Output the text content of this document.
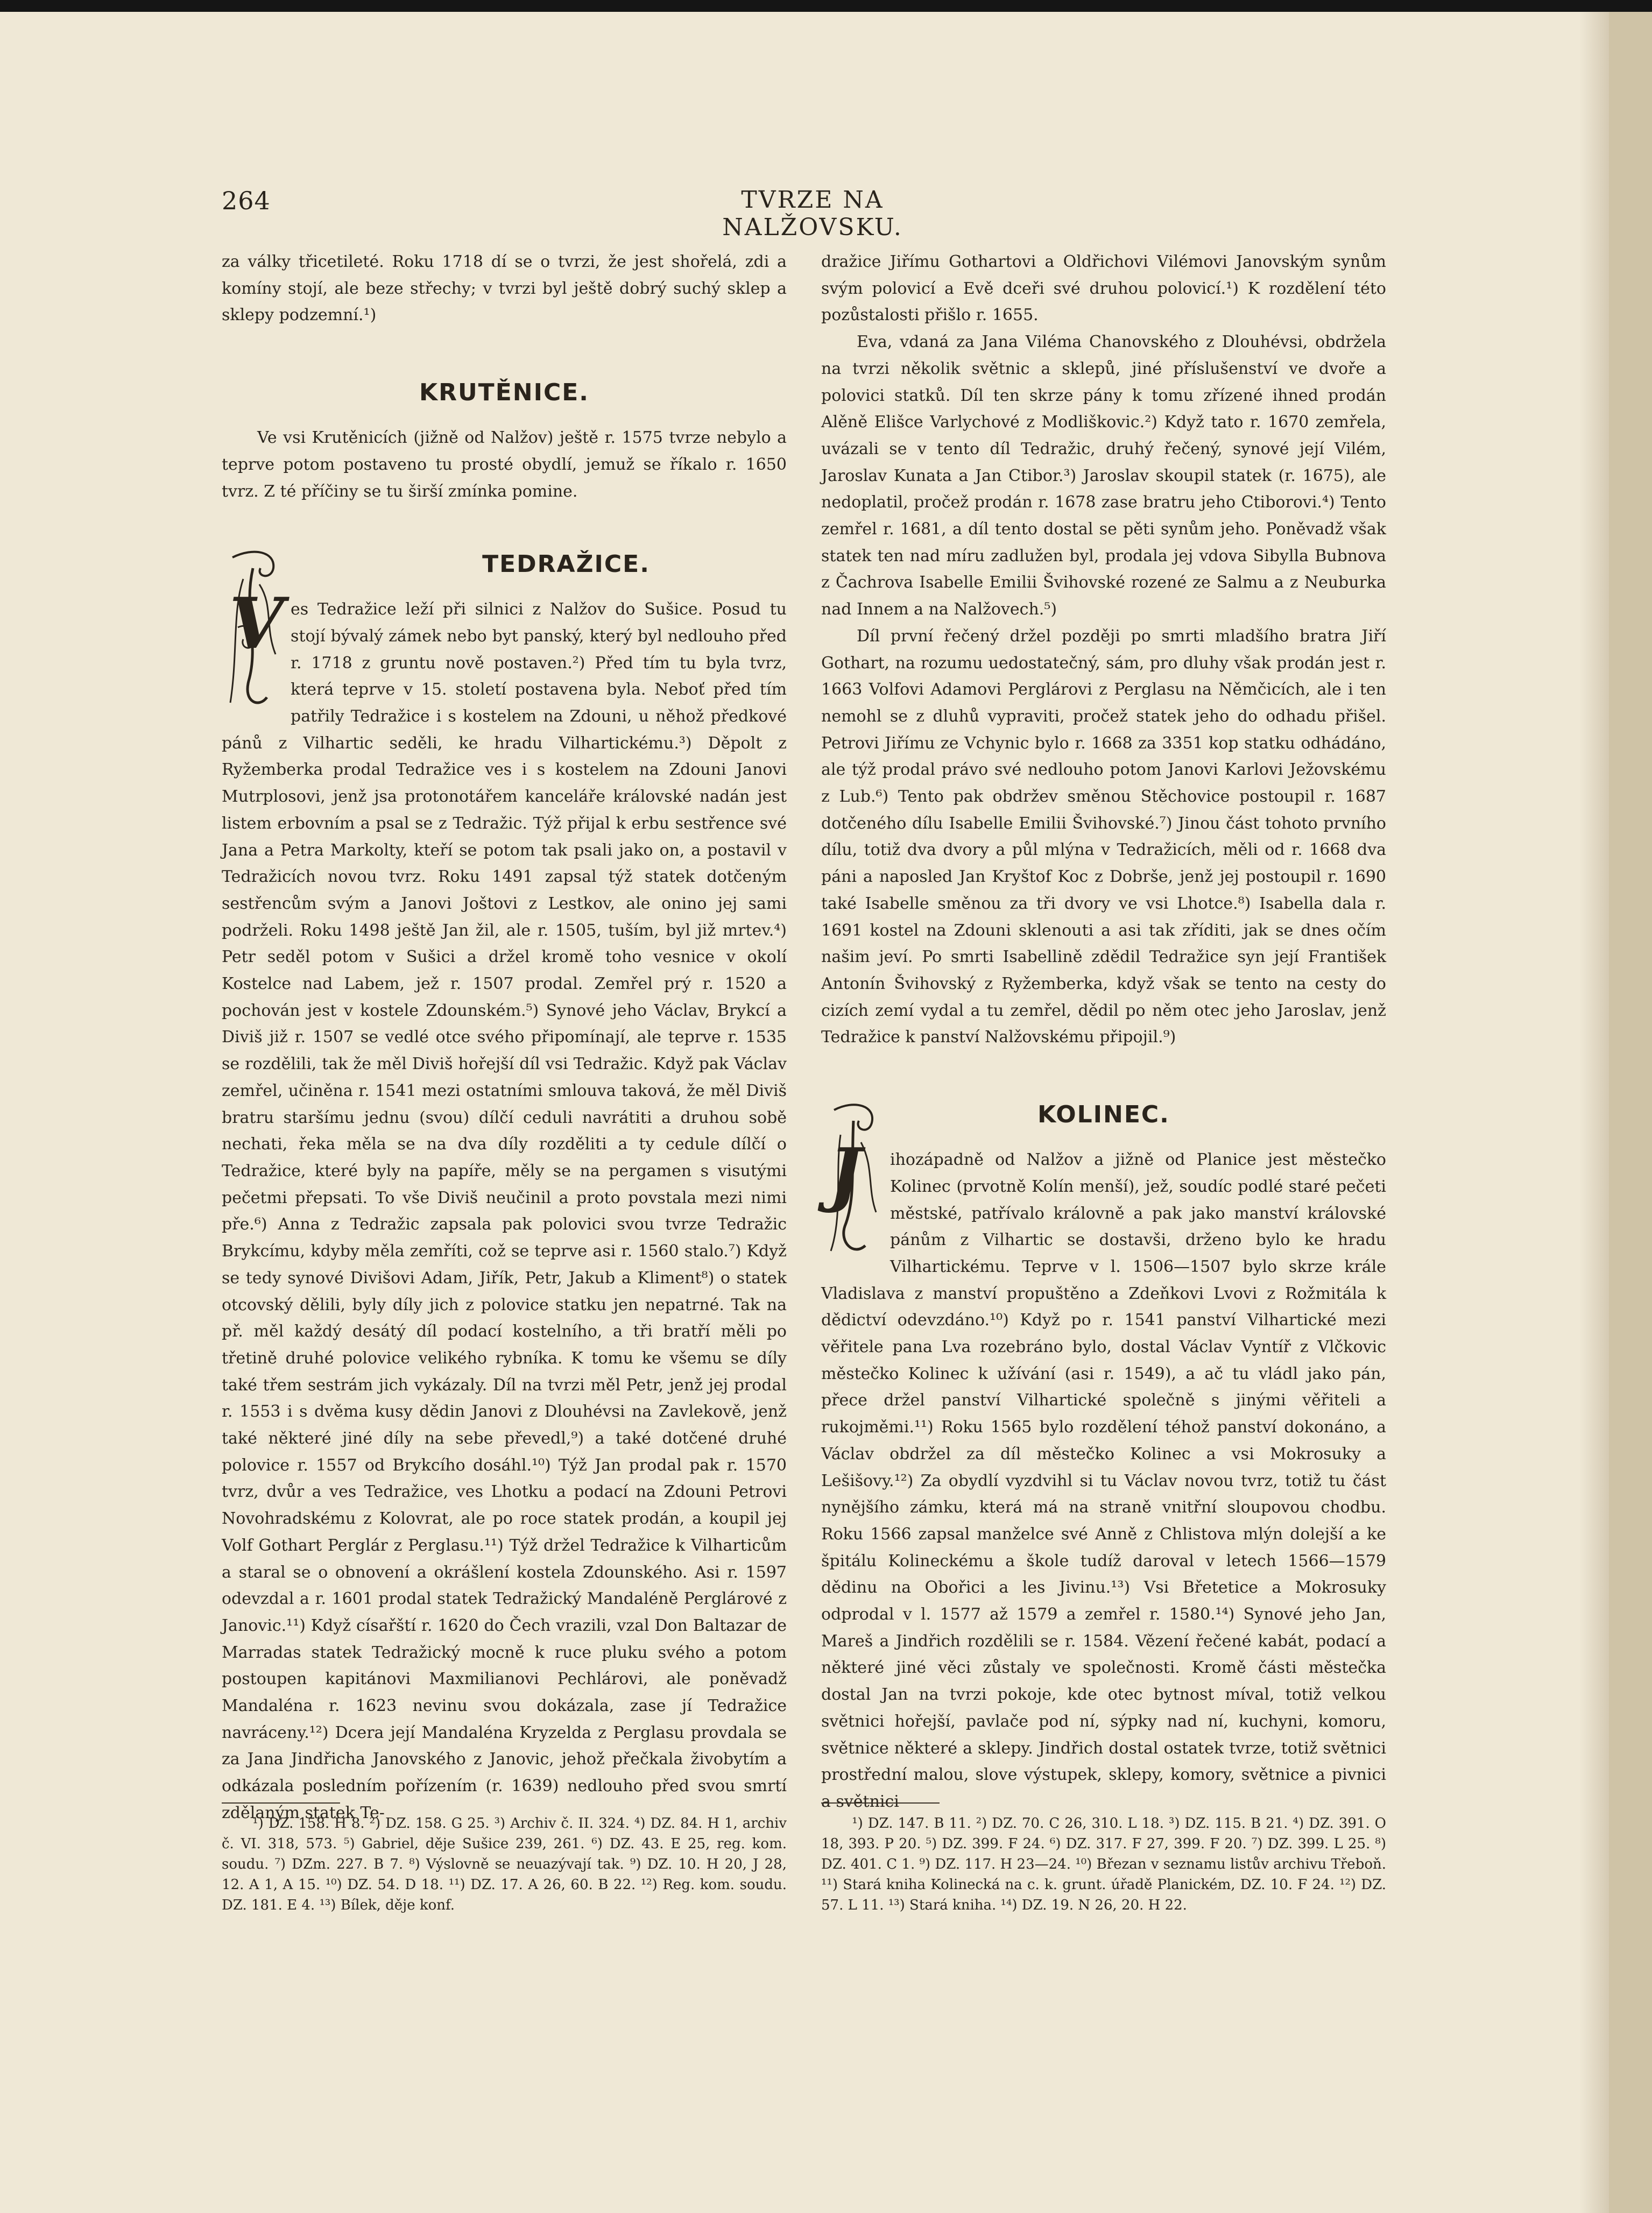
264	TVRZE NA NALŽOVSKU.

za války třicetileté. Roku 1718 dí se o tvrzi, že jest shořelá, zdi a komíny stojí, ale beze střechy; v tvrzi byl ještě dobrý suchý sklep a sklepy podzemní.¹)

KRUTĚNICE.

Ve vsi Krutěnicích (jižně od Nalžov) ještě r. 1575 tvrze nebylo a teprve potom postaveno tu prosté obydlí, jemuž se říkalo r. 1650 tvrz. Z té příčiny se tu širší zmínka pomine.

TEDRAŽICE.
V es Tedražice leží při silnici z Nalžov do Sušice. Posud tu stojí bývalý zámek nebo byt panský, který byl nedlouho před r. 1718 z gruntu nově postaven.²) Před tím tu byla tvrz, která teprve v 15. století postavena byla. Neboť před tím patřily Tedražice i s kostelem na Zdouni, u něhož předkové pánů z Vilhartic seděli, ke hradu Vilhartickému.³) Děpolt z Ryžemberka prodal Tedražice ves i s kostelem na Zdouni Janovi Mutrplosovi, jenž jsa protonotářem kanceláře královské nadán jest listem erbovním a psal se z Tedražic. Týž přijal k erbu sestřence své Jana a Petra Markolty, kteří se potom tak psali jako on, a postavil v Tedražicích novou tvrz. Roku 1491 zapsal týž statek dotčeným sestřencům svým a Janovi Joštovi z Lestkov, ale onino jej sami podrželi. Roku 1498 ještě Jan žil, ale r. 1505, tuším, byl již mrtev.⁴) Petr seděl potom v Sušici a držel kromě toho vesnice v okolí Kostelce nad Labem, jež r. 1507 prodal. Zemřel prý r. 1520 a pochován jest v kostele Zdounském.⁵) Synové jeho Václav, Brykcí a Diviš již r. 1507 se vedlé otce svého připomínají, ale teprve r. 1535 se rozdělili, tak že měl Diviš hořejší díl vsi Tedražic. Když pak Václav zemřel, učiněna r. 1541 mezi ostatními smlouva taková, že měl Diviš bratru staršímu jednu (svou) dílčí ceduli navrátiti a druhou sobě nechati, řeka měla se na dva díly rozděliti a ty cedule dílčí o Tedražice, které byly na papíře, měly se na pergamen s visutými pečetmi přepsati. To vše Diviš neučinil a proto povstala mezi nimi pře.⁶) Anna z Tedražic zapsala pak polovici svou tvrze Tedražic Brykcímu, kdyby měla zemříti, což se teprve asi r. 1560 stalo.⁷) Když se tedy synové Divišovi Adam, Jiřík, Petr, Jakub a Kliment⁸) o statek otcovský dělili, byly díly jich z polovice statku jen nepatrné. Tak na př. měl každý desátý díl podací kostelního, a tři bratří měli po třetině druhé polovice velikého rybníka. K tomu ke všemu se díly také třem sestrám jich vykázaly. Díl na tvrzi měl Petr, jenž jej prodal r. 1553 i s dvěma kusy dědin Janovi z Dlouhévsi na Zavlekově, jenž také některé jiné díly na sebe převedl,⁹) a také dotčené druhé polovice r. 1557 od Brykcího dosáhl.¹⁰) Týž Jan prodal pak r. 1570 tvrz, dvůr a ves Tedražice, ves Lhotku a podací na Zdouni Petrovi Novohradskému z Kolovrat, ale po roce statek prodán, a koupil jej Volf Gothart Perglár z Perglasu.¹¹) Týž držel Tedražice k Vilharticům a staral se o obnovení a okrášlení kostela Zdounského. Asi r. 1597 odevzdal a r. 1601 prodal statek Tedražický Mandaléně Perglárové z Janovic.¹¹) Když císařští r. 1620 do Čech vrazili, vzal Don Baltazar de Marradas statek Tedražický mocně k ruce pluku svého a potom postoupen kapitánovi Maxmilianovi Pechlárovi, ale poněvadž Mandaléna r. 1623 nevinu svou dokázala, zase jí Tedražice navráceny.¹²) Dcera její Mandaléna Kryzelda z Perglasu provdala se za Jana Jindřicha Janovského z Janovic, jehož přečkala živobytím a odkázala posledním pořízením (r. 1639) nedlouho před svou smrtí zdělaným statek Te-

dražice Jiřímu Gothartovi a Oldřichovi Vilémovi Janovským synům svým polovicí a Evě dceři své druhou polovicí.¹) K rozdělení této pozůstalosti přišlo r. 1655.

Eva, vdaná za Jana Viléma Chanovského z Dlouhévsi, obdržela na tvrzi několik světnic a sklepů, jiné příslušenství ve dvoře a polovici statků. Díl ten skrze pány k tomu zřízené ihned prodán Alěně Elišce Varlychové z Modliškovic.²) Když tato r. 1670 zemřela, uvázali se v tento díl Tedražic, druhý řečený, synové její Vilém, Jaroslav Kunata a Jan Ctibor.³) Jaroslav skoupil statek (r. 1675), ale nedoplatil, pročež prodán r. 1678 zase bratru jeho Ctiborovi.⁴) Tento zemřel r. 1681, a díl tento dostal se pěti synům jeho. Poněvadž však statek ten nad míru zadlužen byl, prodala jej vdova Sibylla Bubnova z Čachrova Isabelle Emilii Švihovské rozené ze Salmu a z Neuburka nad Innem a na Nalžovech.⁵)

Díl první řečený držel později po smrti mladšího bratra Jiří Gothart, na rozumu uedostatečný, sám, pro dluhy však prodán jest r. 1663 Volfovi Adamovi Perglárovi z Perglasu na Němčicích, ale i ten nemohl se z dluhů vypraviti, pročež statek jeho do odhadu přišel. Petrovi Jiřímu ze Vchynic bylo r. 1668 za 3351 kop statku odhádáno, ale týž prodal právo své nedlouho potom Janovi Karlovi Ježovskému z Lub.⁶) Tento pak obdržev směnou Stěchovice postoupil r. 1687 dotčeného dílu Isabelle Emilii Švihovské.⁷) Jinou část tohoto prvního dílu, totiž dva dvory a půl mlýna v Tedražicích, měli od r. 1668 dva páni a naposled Jan Kryštof Koc z Dobrše, jenž jej postoupil r. 1690 také Isabelle směnou za tři dvory ve vsi Lhotce.⁸) Isabella dala r. 1691 kostel na Zdouni sklenouti a asi tak zříditi, jak se dnes očím našim jeví. Po smrti Isabellině zdědil Tedražice syn její František Antonín Švihovský z Ryžemberka, když však se tento na cesty do cizích zemí vydal a tu zemřel, dědil po něm otec jeho Jaroslav, jenž Tedražice k panství Nalžovskému připojil.⁹)

KOLINEC.
J	ihozápadně od Nalžov a jižně od Planice jest městečko Kolinec (prvotně Kolín menší), jež, soudíc podlé staré pečeti městské, patřívalo královně a pak jako manství královské pánům z Vilhartic se dostavši, drženo bylo ke hradu Vilhartickému. Teprve v l. 1506—1507 bylo skrze krále Vladislava z manství propuštěno a Zdeňkovi Lvovi z Rožmitála k dědictví odevzdáno.¹⁰) Když po r. 1541 panství Vilhartické mezi věřitele pana Lva rozebráno bylo, dostal Václav Vyntíř z Vlčkovic městečko Kolinec k užívání (asi r. 1549), a ač tu vládl jako pán, přece držel panství Vilhartické společně s jinými věřiteli a rukojměmi.¹¹) Roku 1565 bylo rozdělení téhož panství dokonáno, a Václav obdržel za díl městečko Kolinec a vsi Mokrosuky a Lešišovy.¹²) Za obydlí vyzdvihl si tu Václav novou tvrz, totiž tu část nynějšího zámku, která má na straně vnitřní sloupovou chodbu. Roku 1566 zapsal manželce své Anně z Chlistova mlýn dolejší a ke špitálu Kolineckému a škole tudíž daroval v letech 1566—1579 dědinu na Obořici a les Jivinu.¹³) Vsi Břetetice a Mokrosuky odprodal v l. 1577 až 1579 a zemřel r. 1580.¹⁴) Synové jeho Jan, Mareš a Jindřich rozdělili se r. 1584. Vězení řečené kabát, podací a některé jiné věci zůstaly ve společnosti. Kromě části městečka dostal Jan na tvrzi pokoje, kde otec bytnost míval, totiž velkou světnici hořejší, pavlače pod ní, sýpky nad ní, kuchyni, komoru, světnice některé a sklepy. Jindřich dostal ostatek tvrze, totiž světnici prostřední malou, slove výstupek, sklepy, komory, světnice a pivnici a světnici

¹) DZ. 158. H 8. ²) DZ. 158. G 25. ³) Archiv č. II. 324. ⁴) DZ. 84. H 1, archiv č. VI. 318, 573. ⁵) Gabriel, děje Sušice 239, 261. ⁶) DZ. 43. E 25, reg. kom. soudu. ⁷) DZm. 227. B 7. ⁸) Výslovně se neuazývají tak. ⁹) DZ. 10. H 20, J 28, 12. A 1, A 15. ¹⁰) DZ. 54. D 18. ¹¹) DZ. 17. A 26, 60. B 22. ¹²) Reg. kom. soudu. DZ. 181. E 4. ¹³) Bílek, děje konf.

¹) DZ. 147. B 11. ²) DZ. 70. C 26, 310. L 18. ³) DZ. 115. B 21. ⁴) DZ. 391. O 18, 393. P 20. ⁵) DZ. 399. F 24. ⁶) DZ. 317. F 27, 399. F 20. ⁷) DZ. 399. L 25. ⁸) DZ. 401. C 1. ⁹) DZ. 117. H 23—24. ¹⁰) Březan v seznamu listův archivu Třeboň. ¹¹) Stará kniha Kolinecká na c. k. grunt. úřadě Planickém, DZ. 10. F 24. ¹²) DZ. 57. L 11. ¹³) Stará kniha. ¹⁴) DZ. 19. N 26, 20. H 22.
